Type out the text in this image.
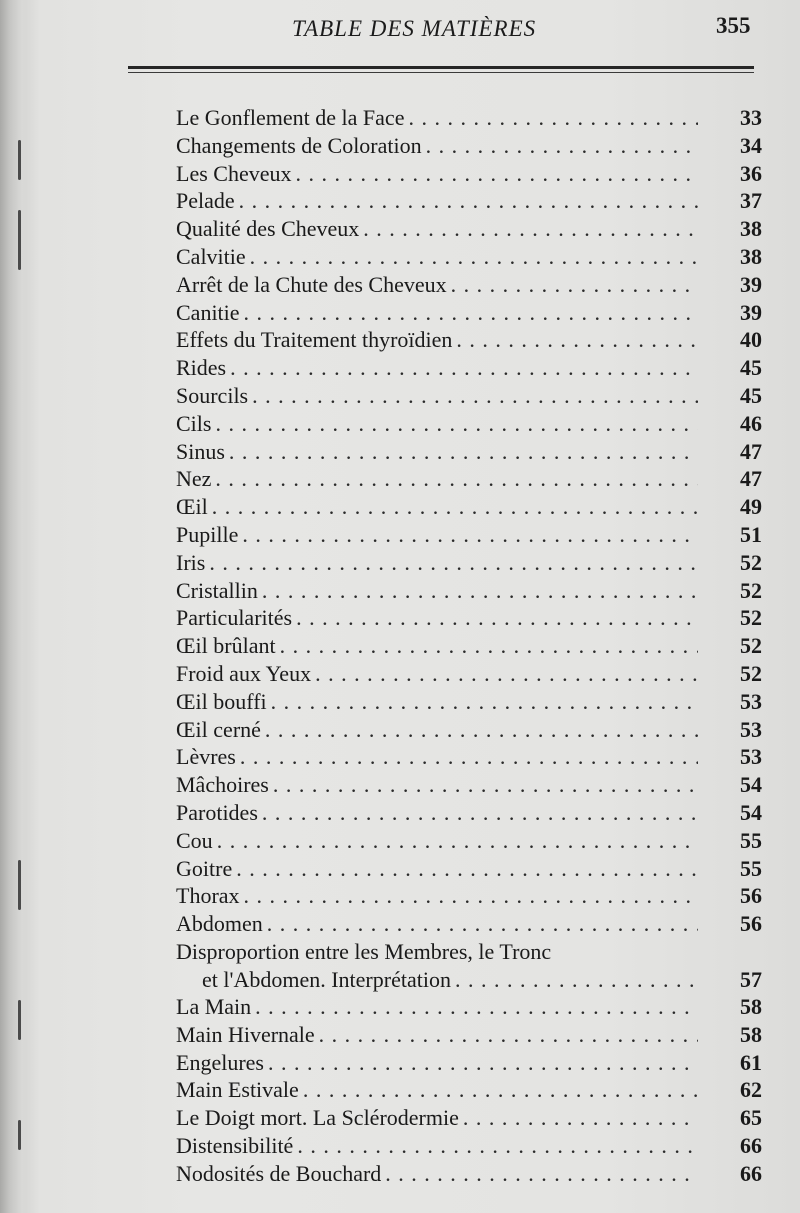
TABLE DES MATIÈRES	355
Le Gonflement de la Face . . .	33
Changements de Coloration . . .	34
Les Cheveux . . .	36
Pelade . . .	37
Qualité des Cheveux . . .	38
Calvitie . . .	38
Arrêt de la Chute des Cheveux . . .	39
Canitie . . .	39
Effets du Traitement thyroïdien . . .	40
Rides . . .	45
Sourcils . . .	45
Cils . . .	46
Sinus . . .	47
Nez . . .	47
Œil . . .	49
Pupille . . .	51
Iris . . .	52
Cristallin . . .	52
Particularités . . .	52
Œil brûlant . . .	52
Froid aux Yeux . . .	52
Œil bouffi . . .	53
Œil cerné . . .	53
Lèvres . . .	53
Mâchoires . . .	54
Parotides . . .	54
Cou . . .	55
Goitre . . .	55
Thorax . . .	56
Abdomen . . .	56
Disproportion entre les Membres, le Tronc
et l'Abdomen. Interprétation . . .	57
La Main . . .	58
Main Hivernale . . .	58
Engelures . . .	61
Main Estivale . . .	62
Le Doigt mort. La Sclérodermie . . .	65
Distensibilité . . .	66
Nodosités de Bouchard . . .	66
